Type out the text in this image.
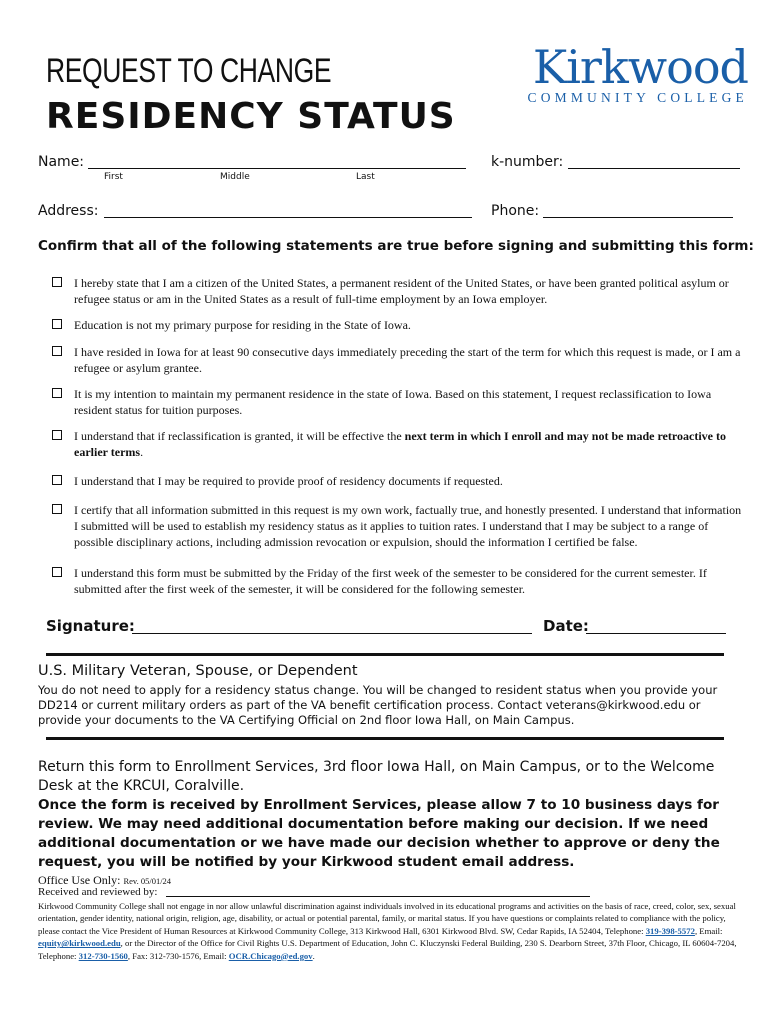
REQUEST TO CHANGE
RESIDENCY STATUS
Kirkwood
COMMUNITY COLLEGE
Name:
First	Middle	Last
k-number:
Address:	Phone:
Confirm that all of the following statements are true before signing and submitting this form:
I hereby state that I am a citizen of the United States, a permanent resident of the United States, or have been granted political asylum or refugee status or am in the United States as a result of full-time employment by an Iowa employer.
Education is not my primary purpose for residing in the State of Iowa.
I have resided in Iowa for at least 90 consecutive days immediately preceding the start of the term for which this request is made, or I am a refugee or asylum grantee.
It is my intention to maintain my permanent residence in the state of Iowa. Based on this statement, I request reclassification to Iowa resident status for tuition purposes.
I understand that if reclassification is granted, it will be effective the next term in which I enroll and may not be made retroactive to earlier terms.
I understand that I may be required to provide proof of residency documents if requested.
I certify that all information submitted in this request is my own work, factually true, and honestly presented. I understand that information I submitted will be used to establish my residency status as it applies to tuition rates. I understand that I may be subject to a range of possible disciplinary actions, including admission revocation or expulsion, should the information I certified be false.
I understand this form must be submitted by the Friday of the first week of the semester to be considered for the current semester. If submitted after the first week of the semester, it will be considered for the following semester.
Signature:	Date:
U.S. Military Veteran, Spouse, or Dependent
You do not need to apply for a residency status change. You will be changed to resident status when you provide your DD214 or current military orders as part of the VA benefit certification process. Contact veterans@kirkwood.edu or provide your documents to the VA Certifying Official on 2nd floor Iowa Hall, on Main Campus.
Return this form to Enrollment Services, 3rd floor Iowa Hall, on Main Campus, or to the Welcome Desk at the KRCUI, Coralville.
Once the form is received by Enrollment Services, please allow 7 to 10 business days for review. We may need additional documentation before making our decision. If we need additional documentation or we have made our decision whether to approve or deny the request, you will be notified by your Kirkwood student email address.
Office Use Only: Rev. 05/01/24
Received and reviewed by:
Kirkwood Community College shall not engage in nor allow unlawful discrimination against individuals involved in its educational programs and activities on the basis of race, creed, color, sex, sexual orientation, gender identity, national origin, religion, age, disability, or actual or potential parental, family, or marital status. If you have questions or complaints related to compliance with the policy, please contact the Vice President of Human Resources at Kirkwood Community College, 313 Kirkwood Hall, 6301 Kirkwood Blvd. SW, Cedar Rapids, IA 52404, Telephone: 319-398-5572, Email: equity@kirkwood.edu, or the Director of the Office for Civil Rights U.S. Department of Education, John C. Kluczynski Federal Building, 230 S. Dearborn Street, 37th Floor, Chicago, IL 60604-7204, Telephone: 312-730-1560, Fax: 312-730-1576, Email: OCR.Chicago@ed.gov.
